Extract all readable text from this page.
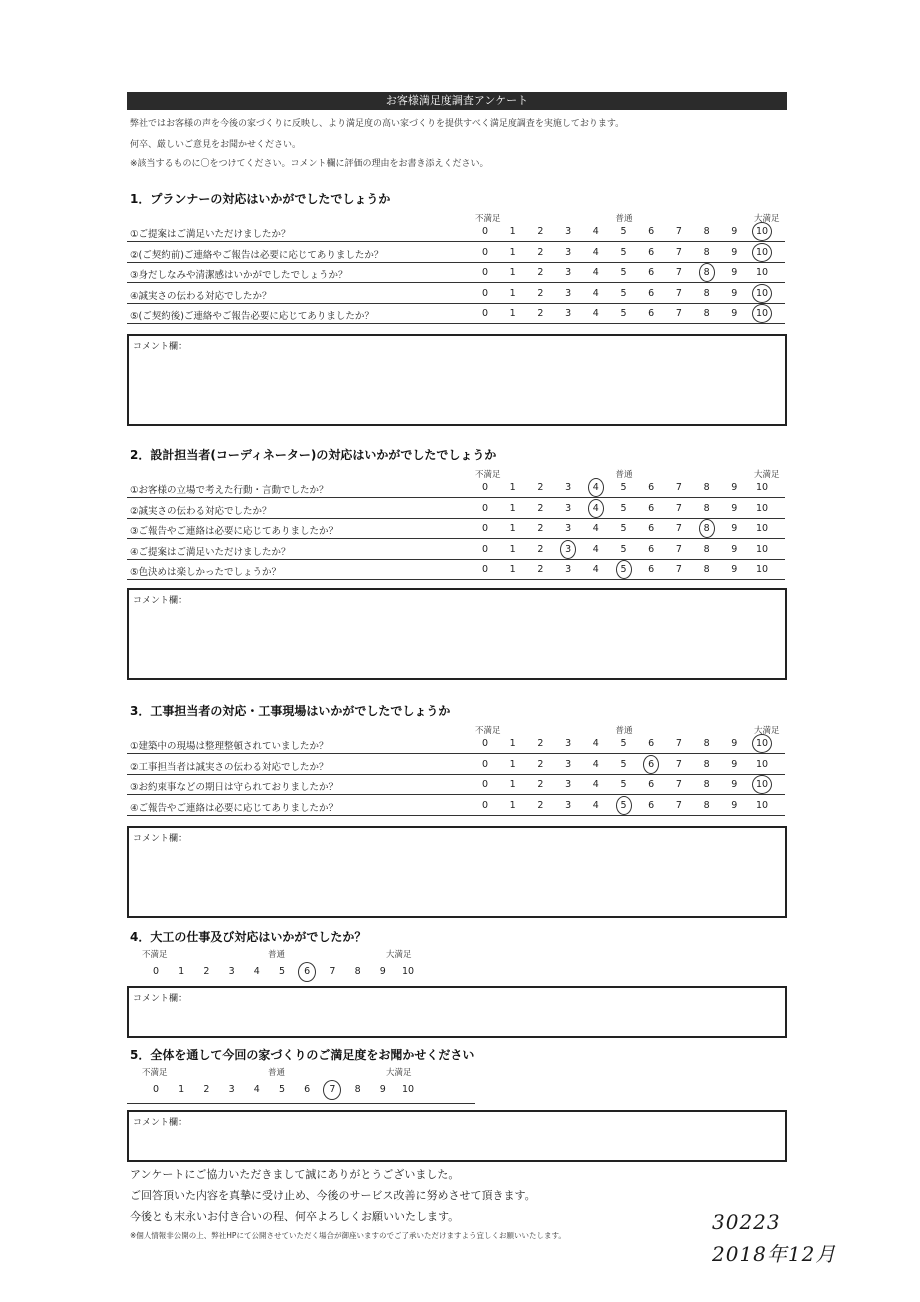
お客様満足度調査アンケート
弊社ではお客様の声を今後の家づくりに反映し、より満足度の高い家づくりを提供すべく満足度調査を実施しております。
何卒、厳しいご意見をお聞かせください。
※該当するものに〇をつけてください。コメント欄に評価の理由をお書き添えください。
1．プランナーの対応はいかがでしたでしょうか
不満足	普通	大満足
①ご提案はご満足いただけましたか？	0	1	2	3	4	5	6	7	8	9	10
②(ご契約前)ご連絡やご報告は必要に応じてありましたか？	0	1	2	3	4	5	6	7	8	9	10
③身だしなみや清潔感はいかがでしたでしょうか？	0	1	2	3	4	5	6	7	8	9	10
④誠実さの伝わる対応でしたか？	0	1	2	3	4	5	6	7	8	9	10
⑤(ご契約後)ご連絡やご報告必要に応じてありましたか？	0	1	2	3	4	5	6	7	8	9	10
コメント欄：
2．設計担当者(コーディネーター)の対応はいかがでしたでしょうか
不満足	普通	大満足
①お客様の立場で考えた行動・言動でしたか？	0	1	2	3	4	5	6	7	8	9	10
②誠実さの伝わる対応でしたか？	0	1	2	3	4	5	6	7	8	9	10
③ご報告やご連絡は必要に応じてありましたか？	0	1	2	3	4	5	6	7	8	9	10
④ご提案はご満足いただけましたか？	0	1	2	3	4	5	6	7	8	9	10
⑤色決めは楽しかったでしょうか？	0	1	2	3	4	5	6	7	8	9	10
コメント欄：
3．工事担当者の対応・工事現場はいかがでしたでしょうか
不満足	普通	大満足
①建築中の現場は整理整頓されていましたか？	0	1	2	3	4	5	6	7	8	9	10
②工事担当者は誠実さの伝わる対応でしたか？	0	1	2	3	4	5	6	7	8	9	10
③お約束事などの期日は守られておりましたか？	0	1	2	3	4	5	6	7	8	9	10
④ご報告やご連絡は必要に応じてありましたか？	0	1	2	3	4	5	6	7	8	9	10
コメント欄：
4．大工の仕事及び対応はいかがでしたか？
不満足	普通	大満足
0	1	2	3	4	5	6	7	8	9	10
コメント欄：
5．全体を通して今回の家づくりのご満足度をお聞かせください
不満足	普通	大満足
0	1	2	3	4	5	6	7	8	9	10
コメント欄：
アンケートにご協力いただきまして誠にありがとうございました。
ご回答頂いた内容を真摯に受け止め、今後のサービス改善に努めさせて頂きます。
今後とも末永いお付き合いの程、何卒よろしくお願いいたします。
※個人情報非公開の上、弊社HPにて公開させていただく場合が御座いますのでご了承いただけますよう宜しくお願いいたします。
30223
2018年12月
